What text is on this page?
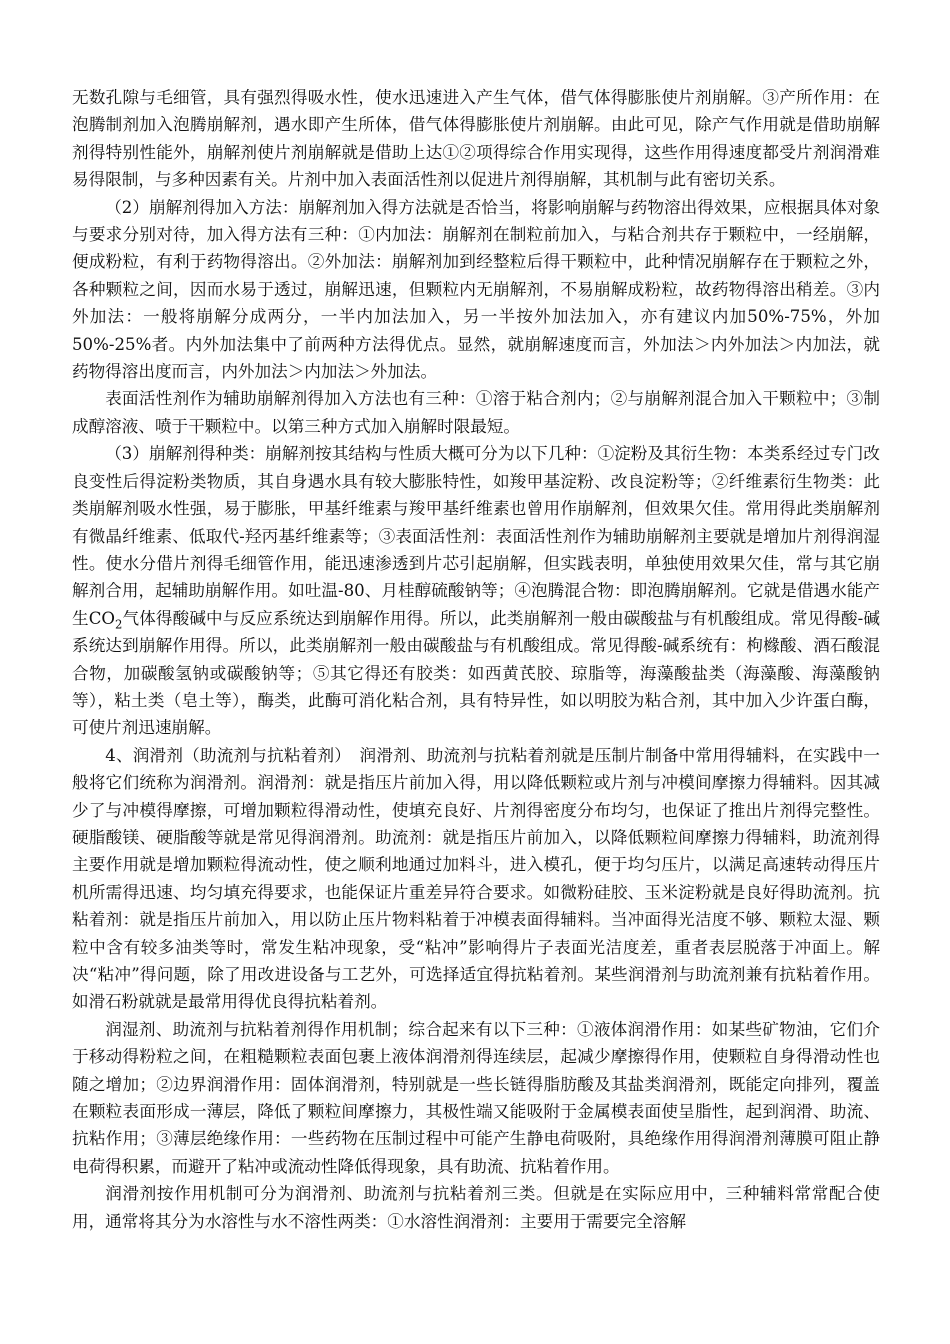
无数孔隙与毛细管，具有强烈得吸水性，使水迅速进入产生气体，借气体得膨胀使片剂崩解。③产所作用：在泡腾制剂加入泡腾崩解剂，遇水即产生所体，借气体得膨胀使片剂崩解。由此可见，除产气作用就是借助崩解剂得特别性能外，崩解剂使片剂崩解就是借助上达①②项得综合作用实现得，这些作用得速度都受片剂润滑难易得限制，与多种因素有关。片剂中加入表面活性剂以促进片剂得崩解，其机制与此有密切关系。

（2）崩解剂得加入方法：崩解剂加入得方法就是否恰当，将影响崩解与药物溶出得效果，应根据具体对象与要求分别对待，加入得方法有三种：①内加法：崩解剂在制粒前加入，与粘合剂共存于颗粒中，一经崩解，便成粉粒，有利于药物得溶出。②外加法：崩解剂加到经整粒后得干颗粒中，此种情况崩解存在于颗粒之外，各种颗粒之间，因而水易于透过，崩解迅速，但颗粒内无崩解剂，不易崩解成粉粒，故药物得溶出稍差。③内外加法：一般将崩解分成两分，一半内加法加入，另一半按外加法加入，亦有建议内加50%-75%，外加50%-25%者。内外加法集中了前两种方法得优点。显然，就崩解速度而言，外加法＞内外加法＞内加法，就药物得溶出度而言，内外加法＞内加法＞外加法。

表面活性剂作为辅助崩解剂得加入方法也有三种：①溶于粘合剂内；②与崩解剂混合加入干颗粒中；③制成醇溶液、喷于干颗粒中。以第三种方式加入崩解时限最短。

（3）崩解剂得种类：崩解剂按其结构与性质大概可分为以下几种：①淀粉及其衍生物：本类系经过专门改良变性后得淀粉类物质，其自身遇水具有较大膨胀特性，如羧甲基淀粉、改良淀粉等；②纤维素衍生物类：此类崩解剂吸水性强，易于膨胀，甲基纤维素与羧甲基纤维素也曾用作崩解剂，但效果欠佳。常用得此类崩解剂有微晶纤维素、低取代-羟丙基纤维素等；③表面活性剂：表面活性剂作为辅助崩解剂主要就是增加片剂得润湿性。使水分借片剂得毛细管作用，能迅速渗透到片芯引起崩解，但实践表明，单独使用效果欠佳，常与其它崩解剂合用，起辅助崩解作用。如吐温-80、月桂醇硫酸钠等；④泡腾混合物：即泡腾崩解剂。它就是借遇水能产生$CO_2$气体得酸碱中与反应系统达到崩解作用得。所以，此类崩解剂一般由碳酸盐与有机酸组成。常见得酸-碱系统达到崩解作用得。所以，此类崩解剂一般由碳酸盐与有机酸组成。常见得酸-碱系统有：枸橼酸、酒石酸混合物，加碳酸氢钠或碳酸钠等；⑤其它得还有胶类：如西黄芪胶、琼脂等，海藻酸盐类（海藻酸、海藻酸钠等），粘土类（皂土等），酶类，此酶可消化粘合剂，具有特异性，如以明胶为粘合剂，其中加入少许蛋白酶，可使片剂迅速崩解。

4、润滑剂（助流剂与抗粘着剂）　润滑剂、助流剂与抗粘着剂就是压制片制备中常用得辅料，在实践中一般将它们统称为润滑剂。润滑剂：就是指压片前加入得，用以降低颗粒或片剂与冲模间摩擦力得辅料。因其减少了与冲模得摩擦，可增加颗粒得滑动性，使填充良好、片剂得密度分布均匀，也保证了推出片剂得完整性。硬脂酸镁、硬脂酸等就是常见得润滑剂。助流剂：就是指压片前加入，以降低颗粒间摩擦力得辅料，助流剂得主要作用就是增加颗粒得流动性，使之顺利地通过加料斗，进入模孔，便于均匀压片，以满足高速转动得压片机所需得迅速、均匀填充得要求，也能保证片重差异符合要求。如微粉硅胶、玉米淀粉就是良好得助流剂。抗粘着剂：就是指压片前加入，用以防止压片物料粘着于冲模表面得辅料。当冲面得光洁度不够、颗粒太湿、颗粒中含有较多油类等时，常发生粘冲现象，受“粘冲”影响得片子表面光洁度差，重者表层脱落于冲面上。解决“粘冲”得问题，除了用改进设备与工艺外，可选择适宜得抗粘着剂。某些润滑剂与助流剂兼有抗粘着作用。如滑石粉就就是最常用得优良得抗粘着剂。

润湿剂、助流剂与抗粘着剂得作用机制；综合起来有以下三种：①液体润滑作用：如某些矿物油，它们介于移动得粉粒之间，在粗糙颗粒表面包裹上液体润滑剂得连续层，起减少摩擦得作用，使颗粒自身得滑动性也随之增加；②边界润滑作用：固体润滑剂，特别就是一些长链得脂肪酸及其盐类润滑剂，既能定向排列，覆盖在颗粒表面形成一薄层，降低了颗粒间摩擦力，其极性端又能吸附于金属模表面使呈脂性，起到润滑、助流、抗粘作用；③薄层绝缘作用：一些药物在压制过程中可能产生静电荷吸附，具绝缘作用得润滑剂薄膜可阻止静电荷得积累，而避开了粘冲或流动性降低得现象，具有助流、抗粘着作用。

润滑剂按作用机制可分为润滑剂、助流剂与抗粘着剂三类。但就是在实际应用中，三种辅料常常配合使用，通常将其分为水溶性与水不溶性两类：①水溶性润滑剂：主要用于需要完全溶解
